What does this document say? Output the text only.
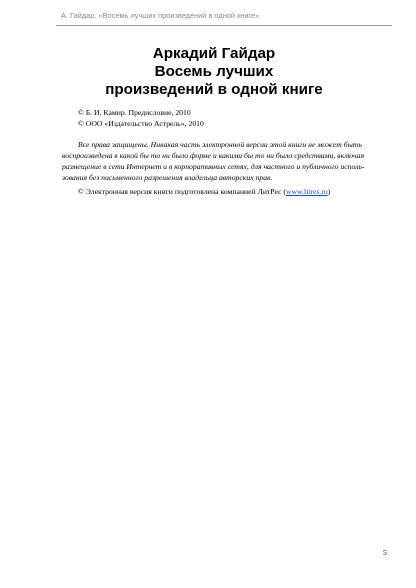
А. Гайдар. «Восемь лучших произведений в одной книге»
Аркадий Гайдар
Восемь лучших
произведений в одной книге
© Б. И. Камир. Предисловие, 2010
© ООО «Издательство Астрель», 2010
Все права защищены. Никакая часть электронной версии этой книги не может быть
воспроизведена в какой бы то ни было форме и какими бы то ни было средствами, включая
размещение в сети Интернет и в корпоративных сетях, для частного и публичного исполь-
зования без письменного разрешения владельца авторских прав.
© Электронная версия книги подготовлена компанией ЛитРес (www.litres.ru)
5
